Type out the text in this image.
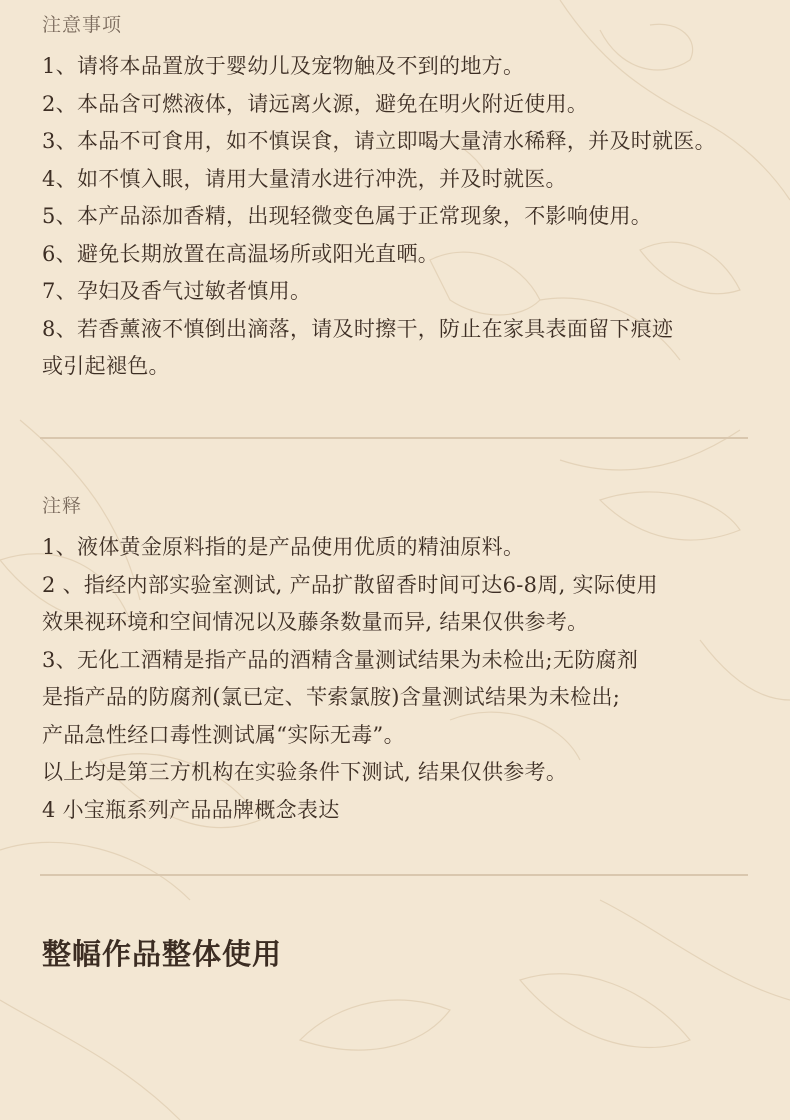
注意事项

1、请将本品置放于婴幼儿及宠物触及不到的地方。

2、本品含可燃液体，请远离火源，避免在明火附近使用。

3、本品不可食用，如不慎误食，请立即喝大量清水稀释，并及时就医。

4、如不慎入眼，请用大量清水进行冲洗，并及时就医。

5、本产品添加香精，出现轻微变色属于正常现象，不影响使用。

6、避免长期放置在高温场所或阳光直晒。

7、孕妇及香气过敏者慎用。

8、若香薰液不慎倒出滴落，请及时擦干，防止在家具表面留下痕迹

或引起褪色。

注释

1、液体黄金原料指的是产品使用优质的精油原料。

2 、指经内部实验室测试, 产品扩散留香时间可达6-8周, 实际使用

效果视环境和空间情况以及藤条数量而异, 结果仅供参考。

3、无化工酒精是指产品的酒精含量测试结果为未检出;无防腐剂

是指产品的防腐剂(氯已定、苄索氯胺)含量测试结果为未检出;

产品急性经口毒性测试属“实际无毒”。

以上均是第三方机构在实验条件下测试, 结果仅供参考。

4 小宝瓶系列产品品牌概念表达

整幅作品整体使用
